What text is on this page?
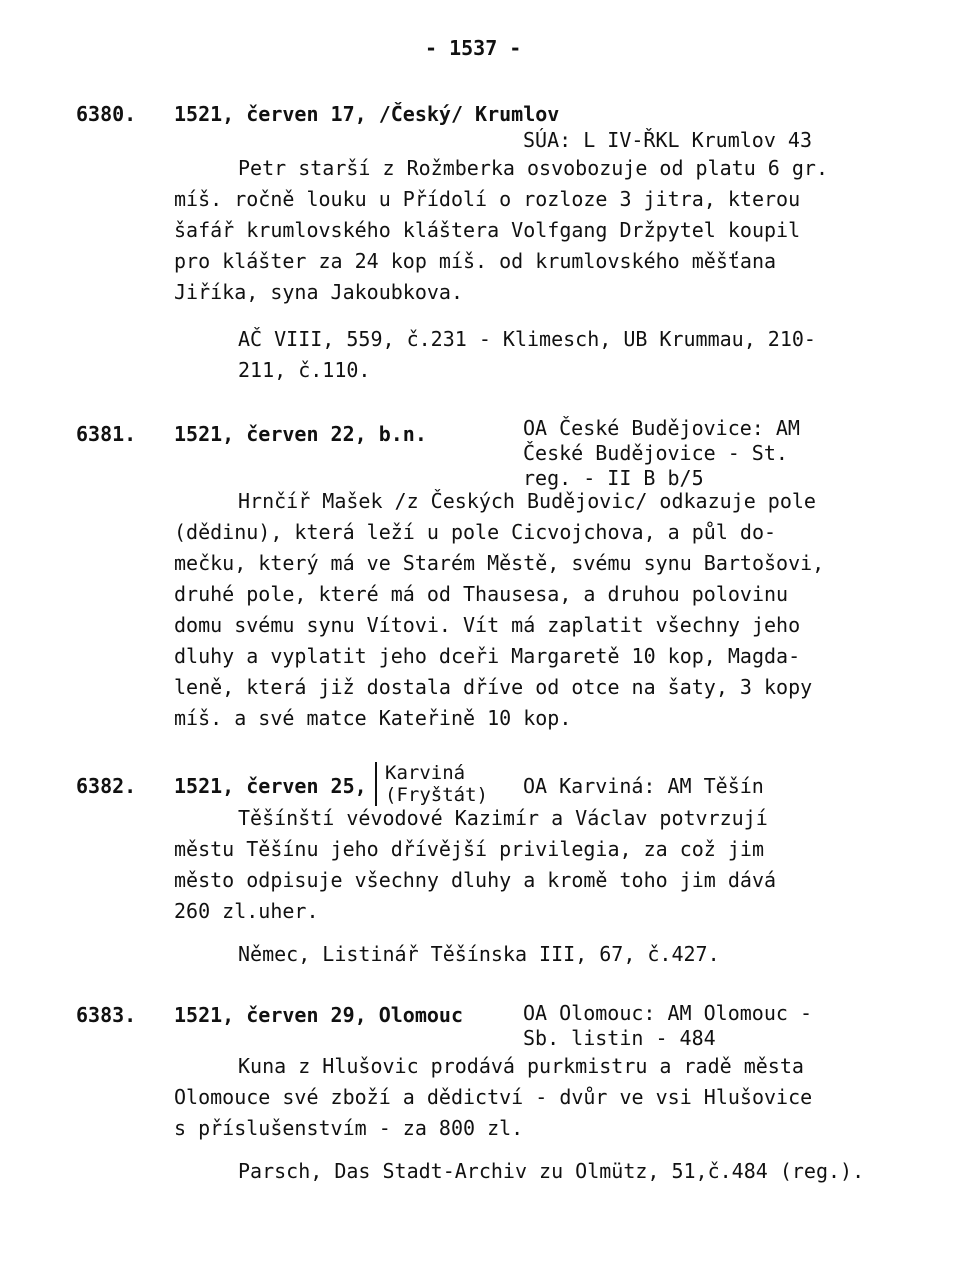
- 1537 -
6380. 1521, červen 17, /Český/ Krumlov
SÚA: L IV-ŘKL Krumlov 43
Petr starší z Rožmberka osvobozuje od platu 6 gr.
míš. ročně louku u Přídolí o rozloze 3 jitra, kterou
šafář krumlovského kláštera Volfgang Držpytel koupil
pro klášter za 24 kop míš. od krumlovského měšťana
Jiříka, syna Jakoubkova.
AČ VIII, 559, č.231 - Klimesch, UB Krummau, 210-
211, č.110.
6381. 1521, červen 22, b.n.	OA České Budějovice: AM
České Budějovice - St.
reg. - II B b/5
Hrnčíř Mašek /z Českých Budějovic/ odkazuje pole
(dědinu), která leží u pole Cicvojchova, a půl do-
mečku, který má ve Starém Městě, svému synu Bartošovi,
druhé pole, které má od Thausesa, a druhou polovinu
domu svému synu Vítovi. Vít má zaplatit všechny jeho
dluhy a vyplatit jeho dceři Margaretě 10 kop, Magda-
leně, která již dostala dříve od otce na šaty, 3 kopy
míš. a své matce Kateřině 10 kop.
6382. 1521, červen 25,
Karviná
(Fryštát) OA Karviná: AM Těšín
Těšínští vévodové Kazimír a Václav potvrzují
městu Těšínu jeho dřívější privilegia, za což jim
město odpisuje všechny dluhy a kromě toho jim dává
260 zl.uher.
Němec, Listinář Těšínska III, 67, č.427.
6383. 1521, červen 29, Olomouc	OA Olomouc: AM Olomouc -
Sb. listin - 484
Kuna z Hlušovic prodává purkmistru a radě města
Olomouce své zboží a dědictví - dvůr ve vsi Hlušovice
s příslušenstvím - za 800 zl.
Parsch, Das Stadt-Archiv zu Olmütz, 51,č.484 (reg.).
